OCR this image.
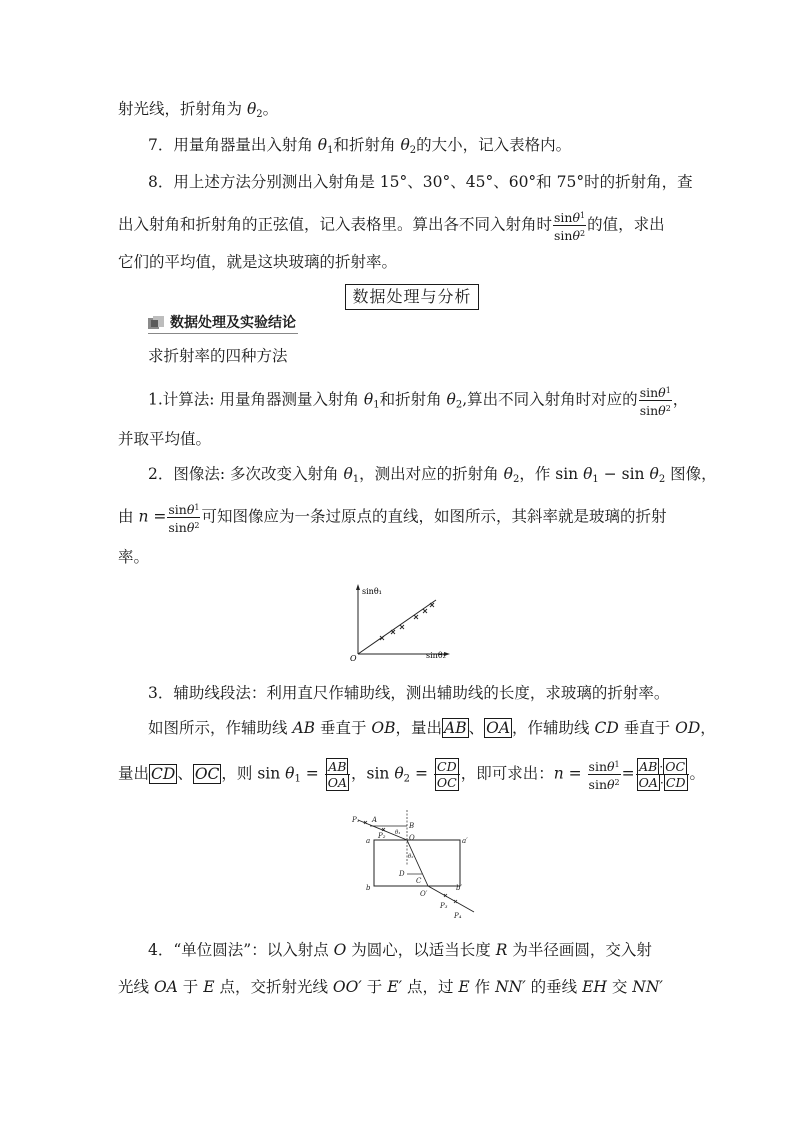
射光线，折射角为 $\theta_2$。
7．用量角器量出入射角 $\theta_1$和折射角 $\theta_2$的大小，记入表格内。
8．用上述方法分别测出入射角是 15°、30°、45°、60°和 75°时的折射角，查
出入射角和折射角的正弦值，记入表格里。算出各不同入射角时 $\frac{\sin\theta^1}{\sin\theta^2}$ 的值，求出
它们的平均值，就是这块玻璃的折射率。
数据处理与分析
数据处理及实验结论
求折射率的四种方法
1.计算法: 用量角器测量入射角 $\theta_1$和折射角 $\theta_2$,算出不同入射角时对应的 $\frac{\sin\theta^1}{\sin\theta^2}$ ，
并取平均值。
2．图像法: 多次改变入射角 $\theta_1$，测出对应的折射角 $\theta_2$，作 $\sin \theta_1 - \sin \theta_2$ 图像，
由 $n = \frac{\sin\theta^1}{\sin\theta^2}$ 可知图像应为一条过原点的直线，如图所示，其斜率就是玻璃的折射
率。
sinθ₁
sinθ₂
O
3．辅助线段法：利用直尺作辅助线，测出辅助线的长度，求玻璃的折射率。
如图所示，作辅助线 AB 垂直于 OB，量出 AB 、 OA ，作辅助线 CD 垂直于 OD，
量出 CD 、 OC ，则 $\sin \theta_1 = \frac{AB}{OA}$ ，$\sin \theta_2 = \frac{CD}{OC}$ ，即可求出：$n = \frac{\sin\theta^1}{\sin\theta^2} = \frac{AB \cdot OC}{OA \cdot CD}$ 。
P₁ A
B
P₂ θ₁
O
a	a′
θ₂
D
C
b	b′
O′
P₃
P₄
4．“单位圆法”：以入射点 O 为圆心，以适当长度 R 为半径画圆，交入射
光线 OA 于 E 点，交折射光线 OO′ 于 E′ 点，过 E 作 NN′ 的垂线 EH 交 NN′
